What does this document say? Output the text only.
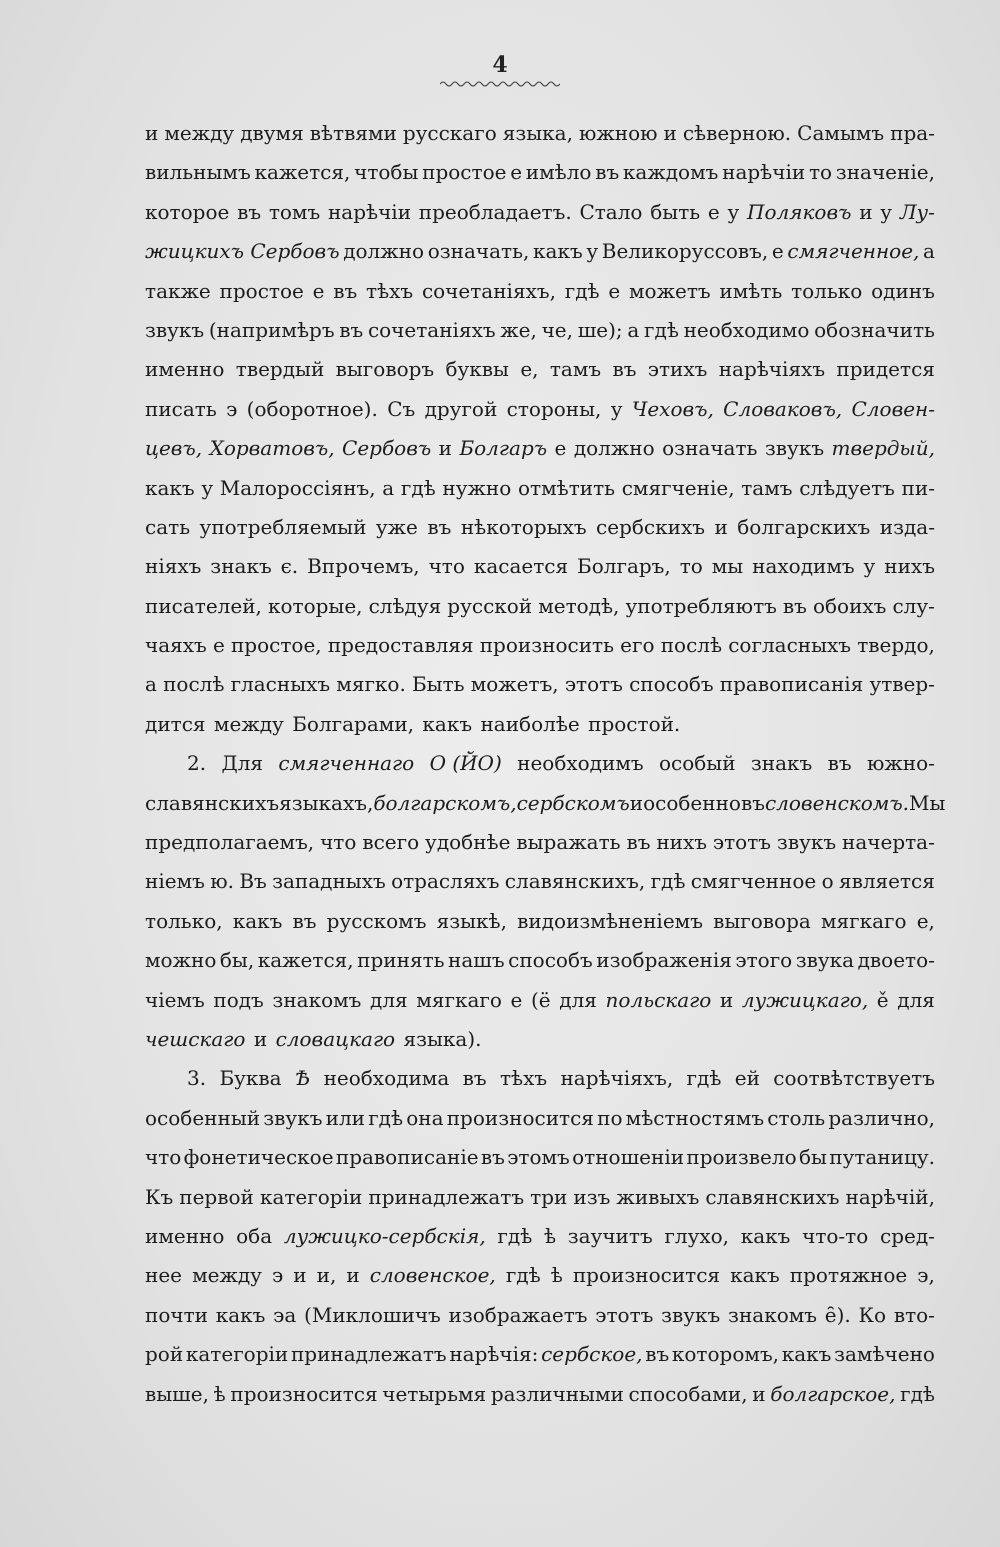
4
и между двумя вѣтвями русскаго языка, южною и сѣверною. Самымъ пра-
вильнымъ кажется, чтобы простое е имѣло въ каждомъ нарѣчіи то значеніе,
которое въ томъ нарѣчіи преобладаетъ. Стало быть е у Поляковъ и у Лу-
жицкихъ Сербовъ должно означать, какъ у Великоруссовъ, е смягченное, а
также простое е въ тѣхъ сочетаніяхъ, гдѣ е можетъ имѣть только одинъ
звукъ (напримѣръ въ сочетаніяхъ же, че, ше); а гдѣ необходимо обозначить
именно твердый выговоръ буквы е, тамъ въ этихъ нарѣчіяхъ придется
писать э (оборотное). Съ другой стороны, у Чеховъ, Словаковъ, Словен-
цевъ, Хорватовъ, Сербовъ и Болгаръ е должно означать звукъ твердый,
какъ у Малороссіянъ, а гдѣ нужно отмѣтить смягченіе, тамъ слѣдуетъ пи-
сать употребляемый уже въ нѣкоторыхъ сербскихъ и болгарскихъ изда-
ніяхъ знакъ є. Впрочемъ, что касается Болгаръ, то мы находимъ у нихъ
писателей, которые, слѣдуя русской методѣ, употребляютъ въ обоихъ слу-
чаяхъ е простое, предоставляя произносить его послѣ согласныхъ твердо,
а послѣ гласныхъ мягко. Быть можетъ, этотъ способъ правописанія утвер-
дится между Болгарами, какъ наиболѣе простой.
2. Для смягченнаго О (ЙО) необходимъ особый знакъ въ южно-
славянскихъ языкахъ, болгарскомъ, сербскомъ и особенно въ словенскомъ. Мы
предполагаемъ, что всего удобнѣе выражать въ нихъ этотъ звукъ начерта-
ніемъ ю. Въ западныхъ отрасляхъ славянскихъ, гдѣ смягченное о является
только, какъ въ русскомъ языкѣ, видоизмѣненіемъ выговора мягкаго е,
можно бы, кажется, принять нашъ способъ изображенія этого звука двоето-
чіемъ подъ знакомъ для мягкаго е (ë для польскаго и лужицкаго, ě для
чешскаго и словацкаго языка).
3. Буква Ѣ необходима въ тѣхъ нарѣчіяхъ, гдѣ ей соотвѣтствуетъ
особенный звукъ или гдѣ она произносится по мѣстностямъ столь различно,
что фонетическое правописаніе въ этомъ отношеніи произвело бы путаницу.
Къ первой категоріи принадлежатъ три изъ живыхъ славянскихъ нарѣчій,
именно оба лужицко-сербскія, гдѣ ѣ заучитъ глухо, какъ что-то сред-
нее между э и и, и словенское, гдѣ ѣ произносится какъ протяжное э,
почти какъ эа (Миклошичъ изображаетъ этотъ звукъ знакомъ ȇ). Ко вто-
рой категоріи принадлежатъ нарѣчія: сербское, въ которомъ, какъ замѣчено
выше, ѣ произносится четырьмя различными способами, и болгарское, гдѣ
